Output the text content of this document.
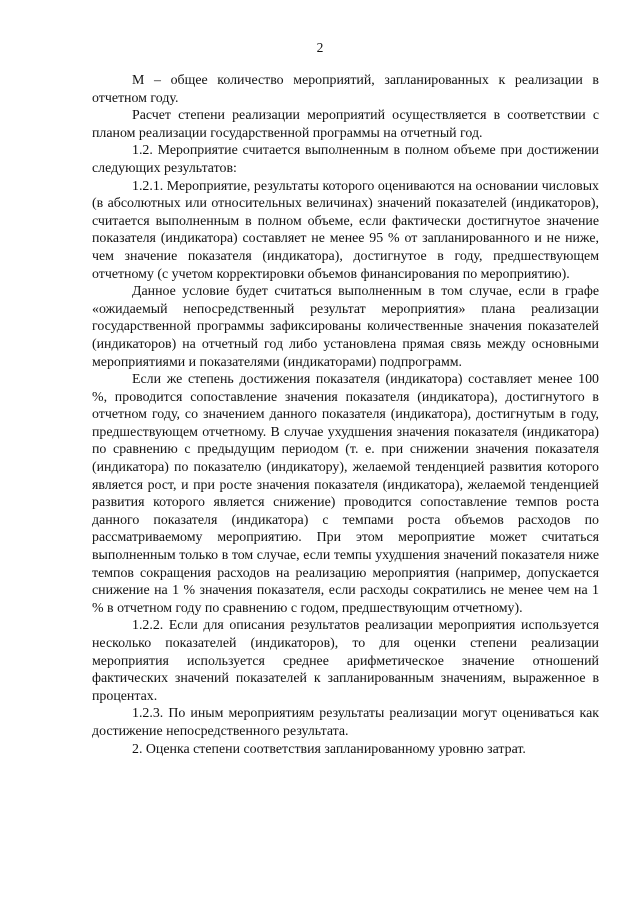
2

M – общее количество мероприятий, запланированных к реализации в отчетном году.

Расчет степени реализации мероприятий осуществляется в соответствии с планом реализации государственной программы на отчетный год.

1.2. Мероприятие считается выполненным в полном объеме при достижении следующих результатов:

1.2.1. Мероприятие, результаты которого оцениваются на основании числовых (в абсолютных или относительных величинах) значений показателей (индикаторов), считается выполненным в полном объеме, если фактически достигнутое значение показателя (индикатора) составляет не менее 95 % от запланированного и не ниже, чем значение показателя (индикатора), достигнутое в году, предшествующем отчетному (с учетом корректировки объемов финансирования по мероприятию).

Данное условие будет считаться выполненным в том случае, если в графе «ожидаемый непосредственный результат мероприятия» плана реализации государственной программы зафиксированы количественные значения показателей (индикаторов) на отчетный год либо установлена прямая связь между основными мероприятиями и показателями (индикаторами) подпрограмм.

Если же степень достижения показателя (индикатора) составляет менее 100 %, проводится сопоставление значения показателя (индикатора), достигнутого в отчетном году, со значением данного показателя (индикатора), достигнутым в году, предшествующем отчетному. В случае ухудшения значения показателя (индикатора) по сравнению с предыдущим периодом (т. е. при снижении значения показателя (индикатора) по показателю (индикатору), желаемой тенденцией развития которого является рост, и при росте значения показателя (индикатора), желаемой тенденцией развития которого является снижение) проводится сопоставление темпов роста данного показателя (индикатора) с темпами роста объемов расходов по рассматриваемому мероприятию. При этом мероприятие может считаться выполненным только в том случае, если темпы ухудшения значений показателя ниже темпов сокращения расходов на реализацию мероприятия (например, допускается снижение на 1 % значения показателя, если расходы сократились не менее чем на 1 % в отчетном году по сравнению с годом, предшествующим отчетному).

1.2.2. Если для описания результатов реализации мероприятия используется несколько показателей (индикаторов), то для оценки степени реализации мероприятия используется среднее арифметическое значение отношений фактических значений показателей к запланированным значениям, выраженное в процентах.

1.2.3. По иным мероприятиям результаты реализации могут оцениваться как достижение непосредственного результата.

2. Оценка степени соответствия запланированному уровню затрат.
